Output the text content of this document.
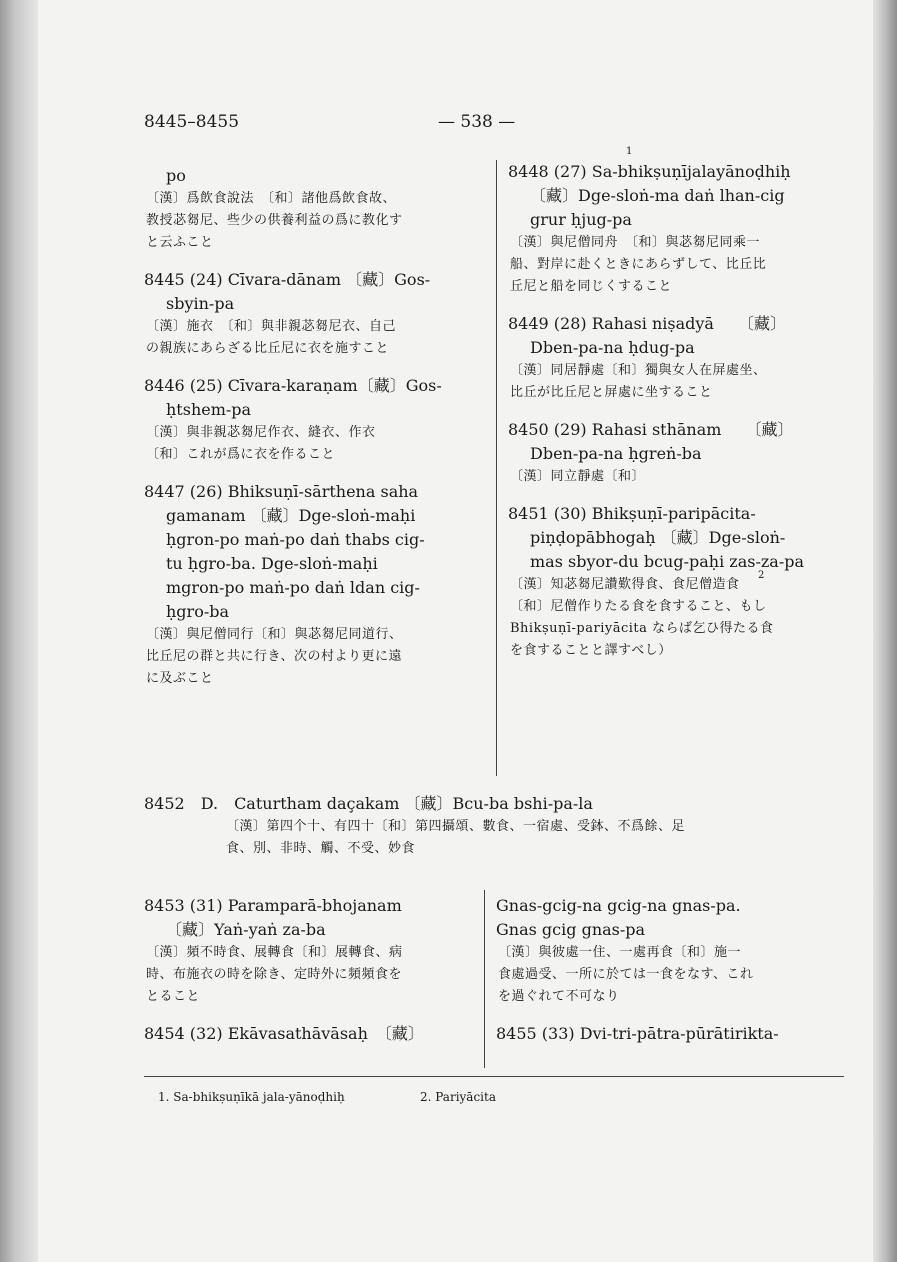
8445–8455	— 538 —

po

〔漢〕爲飲食說法　〔和〕諸他爲飲食故、

教授苾芻尼、些少の供養利益の爲に教化す

と云ふこと

8445 (24) Cīvara-dānam 〔藏〕Gos-

sbyin-pa

〔漢〕施衣　〔和〕與非親苾芻尼衣、自己

の親族にあらざる比丘尼に衣を施すこと

8446 (25) Cīvara-karaṇam〔藏〕Gos-

ḥtshem-pa

〔漢〕與非親苾芻尼作衣、縫衣、作衣

〔和〕これが爲に衣を作ること

8447 (26) Bhiksuṇī-sārthena saha

gamanam 〔藏〕Dge-sloṅ-maḥi

ḥgron-po maṅ-po daṅ thabs cig-

tu ḥgro-ba. Dge-sloṅ-maḥi

mgron-po maṅ-po daṅ ldan cig-

ḥgro-ba

〔漢〕與尼僧同行〔和〕與苾芻尼同道行、

比丘尼の群と共に行き、次の村より更に遠

に及ぶこと

1

8448 (27) Sa-bhikṣuṇījalayānoḍhiḥ

〔藏〕Dge-sloṅ-ma daṅ lhan-cig

grur ḥjug-pa

〔漢〕與尼僧同舟　〔和〕與苾芻尼同乘一

船、對岸に赴くときにあらずして、比丘比

丘尼と船を同じくすること

8449 (28) Rahasi niṣadyā　　〔藏〕

Dben-pa-na ḥdug-pa

〔漢〕同居靜處〔和〕獨與女人在屏處坐、

比丘が比丘尼と屏處に坐すること

8450 (29) Rahasi sthānam　　〔藏〕

Dben-pa-na ḥgreṅ-ba

〔漢〕同立靜處〔和〕

8451 (30) Bhikṣuṇī-paripācita-

piṇḍopābhogaḥ 〔藏〕Dge-sloṅ-

mas sbyor-du bcug-paḥi zas-za-pa

〔漢〕知苾芻尼讚歎得食、食尼僧造食

〔和〕尼僧作りたる食を食すること、もし

Bhikṣuṇī-pariyācita ならば乞ひ得たる食

を食することと譯すべし）

2

8452　D.　Caturtham daçakam 〔藏〕Bcu-ba bshi-pa-la

〔漢〕第四个十、有四十〔和〕第四攝頌、數食、一宿處、受鉢、不爲餘、足

食、別、非時、觸、不受、妙食

8453 (31) Paramparā-bhojanam

〔藏〕Yaṅ-yaṅ za-ba

〔漢〕頻不時食、展轉食〔和〕展轉食、病

時、布施衣の時を除き、定時外に頻頻食を

とること

8454 (32) Ekāvasathāvāsaḥ　〔藏〕

Gnas-gcig-na gcig-na gnas-pa.

Gnas gcig gnas-pa

〔漢〕與彼處一住、一處再食〔和〕施一

食處過受、一所に於ては一食をなす、これ

を過ぐれて不可なり

8455 (33) Dvi-tri-pātra-pūrātirikta-

1. Sa-bhikṣuṇīkā jala-yānoḍhiḥ	2. Pariyācita
